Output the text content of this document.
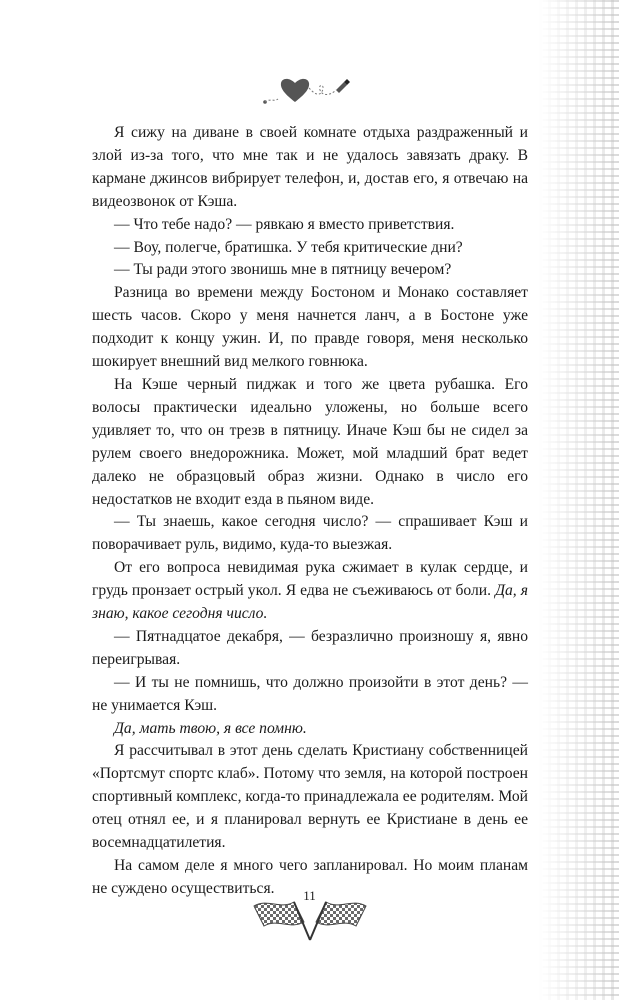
Я сижу на диване в своей комнате отдыха раздраженный и злой из-за того, что мне так и не удалось завязать драку. В кармане джинсов вибрирует телефон, и, достав его, я отвечаю на видеозвонок от Кэша.

— Что тебе надо? — рявкаю я вместо приветствия.

— Воу, полегче, братишка. У тебя критические дни?

— Ты ради этого звонишь мне в пятницу вечером?

Разница во времени между Бостоном и Монако составляет шесть часов. Скоро у меня начнется ланч, а в Бостоне уже подходит к концу ужин. И, по правде говоря, меня несколько шокирует внешний вид мелкого говнюка.

На Кэше черный пиджак и того же цвета рубашка. Его волосы практически идеально уложены, но больше всего удивляет то, что он трезв в пятницу. Иначе Кэш бы не сидел за рулем своего внедорожника. Может, мой младший брат ведет далеко не образцовый образ жизни. Однако в число его недостатков не входит езда в пьяном виде.

— Ты знаешь, какое сегодня число? — спрашивает Кэш и поворачивает руль, видимо, куда-то выезжая.

От его вопроса невидимая рука сжимает в кулак сердце, и грудь пронзает острый укол. Я едва не съеживаюсь от боли. Да, я знаю, какое сегодня число.

— Пятнадцатое декабря, — безразлично произношу я, явно переигрывая.

— И ты не помнишь, что должно произойти в этот день? — не унимается Кэш.

Да, мать твою, я все помню.

Я рассчитывал в этот день сделать Кристиану собственницей «Портсмут спортс клаб». Потому что земля, на которой построен спортивный комплекс, когда-то принадлежала ее родителям. Мой отец отнял ее, и я планировал вернуть ее Кристиане в день ее восемнадцатилетия.

На самом деле я много чего запланировал. Но моим планам не суждено осуществиться.	11
